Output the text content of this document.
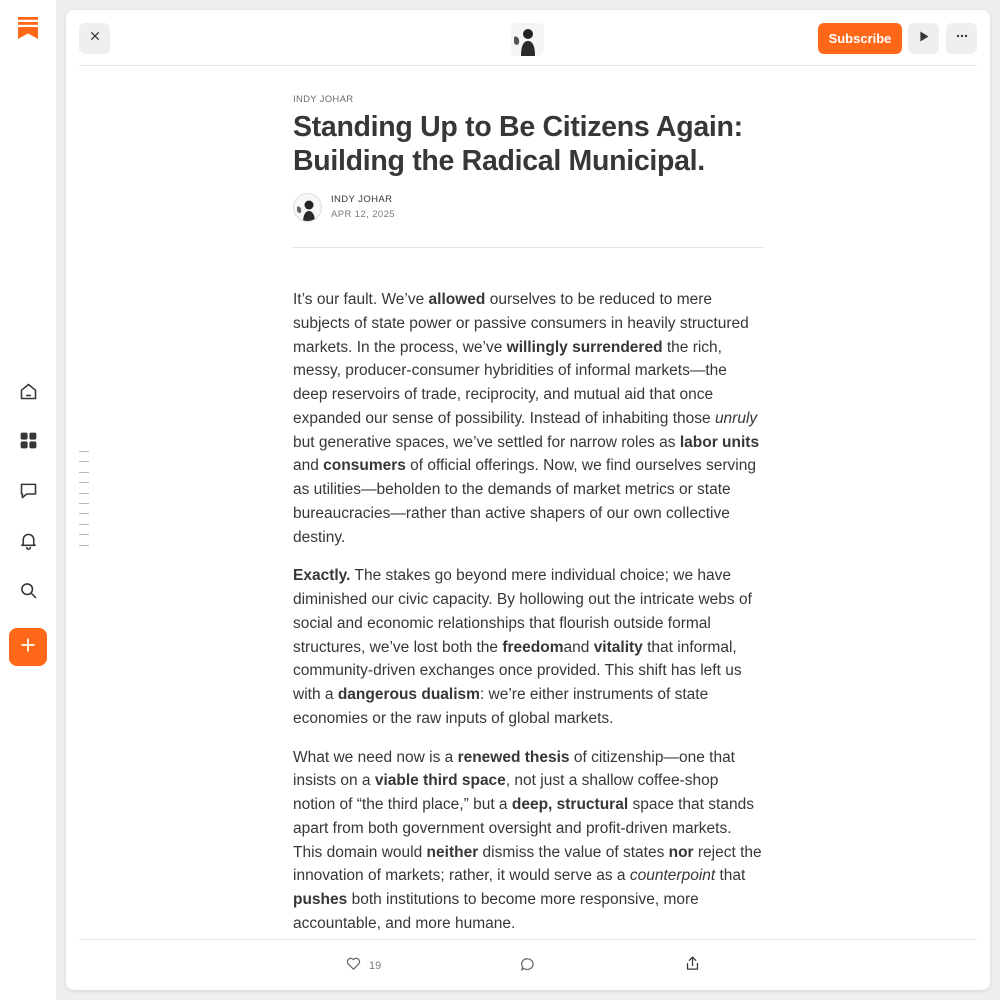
Subscribe
INDY JOHAR
Standing Up to Be Citizens Again: Building the Radical Municipal.
INDY JOHAR
APR 12, 2025

It’s our fault. We’ve allowed ourselves to be reduced to mere subjects of state power or passive consumers in heavily structured markets. In the process, we’ve willingly surrendered the rich, messy, producer-consumer hybridities of informal markets—the deep reservoirs of trade, reciprocity, and mutual aid that once expanded our sense of possibility. Instead of inhabiting those unruly but generative spaces, we’ve settled for narrow roles as labor units and consumers of official offerings. Now, we find ourselves serving as utilities—beholden to the demands of market metrics or state bureaucracies—rather than active shapers of our own collective destiny.

Exactly. The stakes go beyond mere individual choice; we have diminished our civic capacity. By hollowing out the intricate webs of social and economic relationships that flourish outside formal structures, we’ve lost both the freedomand vitality that informal, community-driven exchanges once provided. This shift has left us with a dangerous dualism: we’re either instruments of state economies or the raw inputs of global markets.

What we need now is a renewed thesis of citizenship—one that insists on a viable third space, not just a shallow coffee-shop notion of “the third place,” but a deep, structural space that stands apart from both government oversight and profit-driven markets. This domain would neither dismiss the value of states nor reject the innovation of markets; rather, it would serve as a counterpoint that pushes both institutions to become more responsive, more accountable, and more humane.

19
